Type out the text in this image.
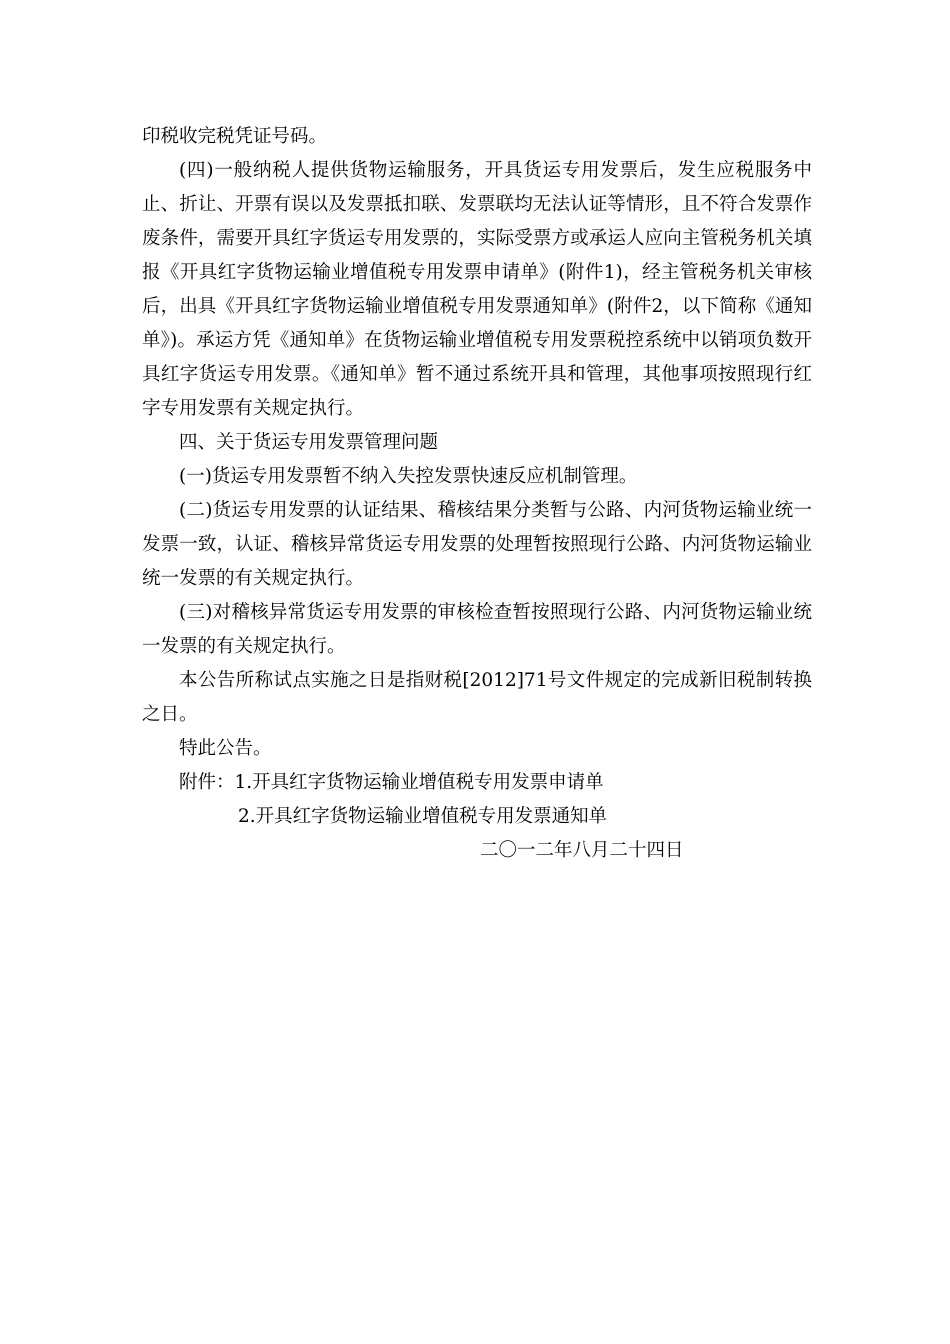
印税收完税凭证号码。

(四)一般纳税人提供货物运输服务，开具货运专用发票后，发生应税服务中止、折让、开票有误以及发票抵扣联、发票联均无法认证等情形，且不符合发票作废条件，需要开具红字货运专用发票的，实际受票方或承运人应向主管税务机关填报《开具红字货物运输业增值税专用发票申请单》(附件1)，经主管税务机关审核后，出具《开具红字货物运输业增值税专用发票通知单》(附件2，以下简称《通知单》)。承运方凭《通知单》在货物运输业增值税专用发票税控系统中以销项负数开具红字货运专用发票。《通知单》暂不通过系统开具和管理，其他事项按照现行红字专用发票有关规定执行。

四、关于货运专用发票管理问题

(一)货运专用发票暂不纳入失控发票快速反应机制管理。

(二)货运专用发票的认证结果、稽核结果分类暂与公路、内河货物运输业统一发票一致，认证、稽核异常货运专用发票的处理暂按照现行公路、内河货物运输业统一发票的有关规定执行。

(三)对稽核异常货运专用发票的审核检查暂按照现行公路、内河货物运输业统一发票的有关规定执行。

本公告所称试点实施之日是指财税[2012]71号文件规定的完成新旧税制转换之日。

特此公告。

附件：1.开具红字货物运输业增值税专用发票申请单

2.开具红字货物运输业增值税专用发票通知单

二〇一二年八月二十四日
